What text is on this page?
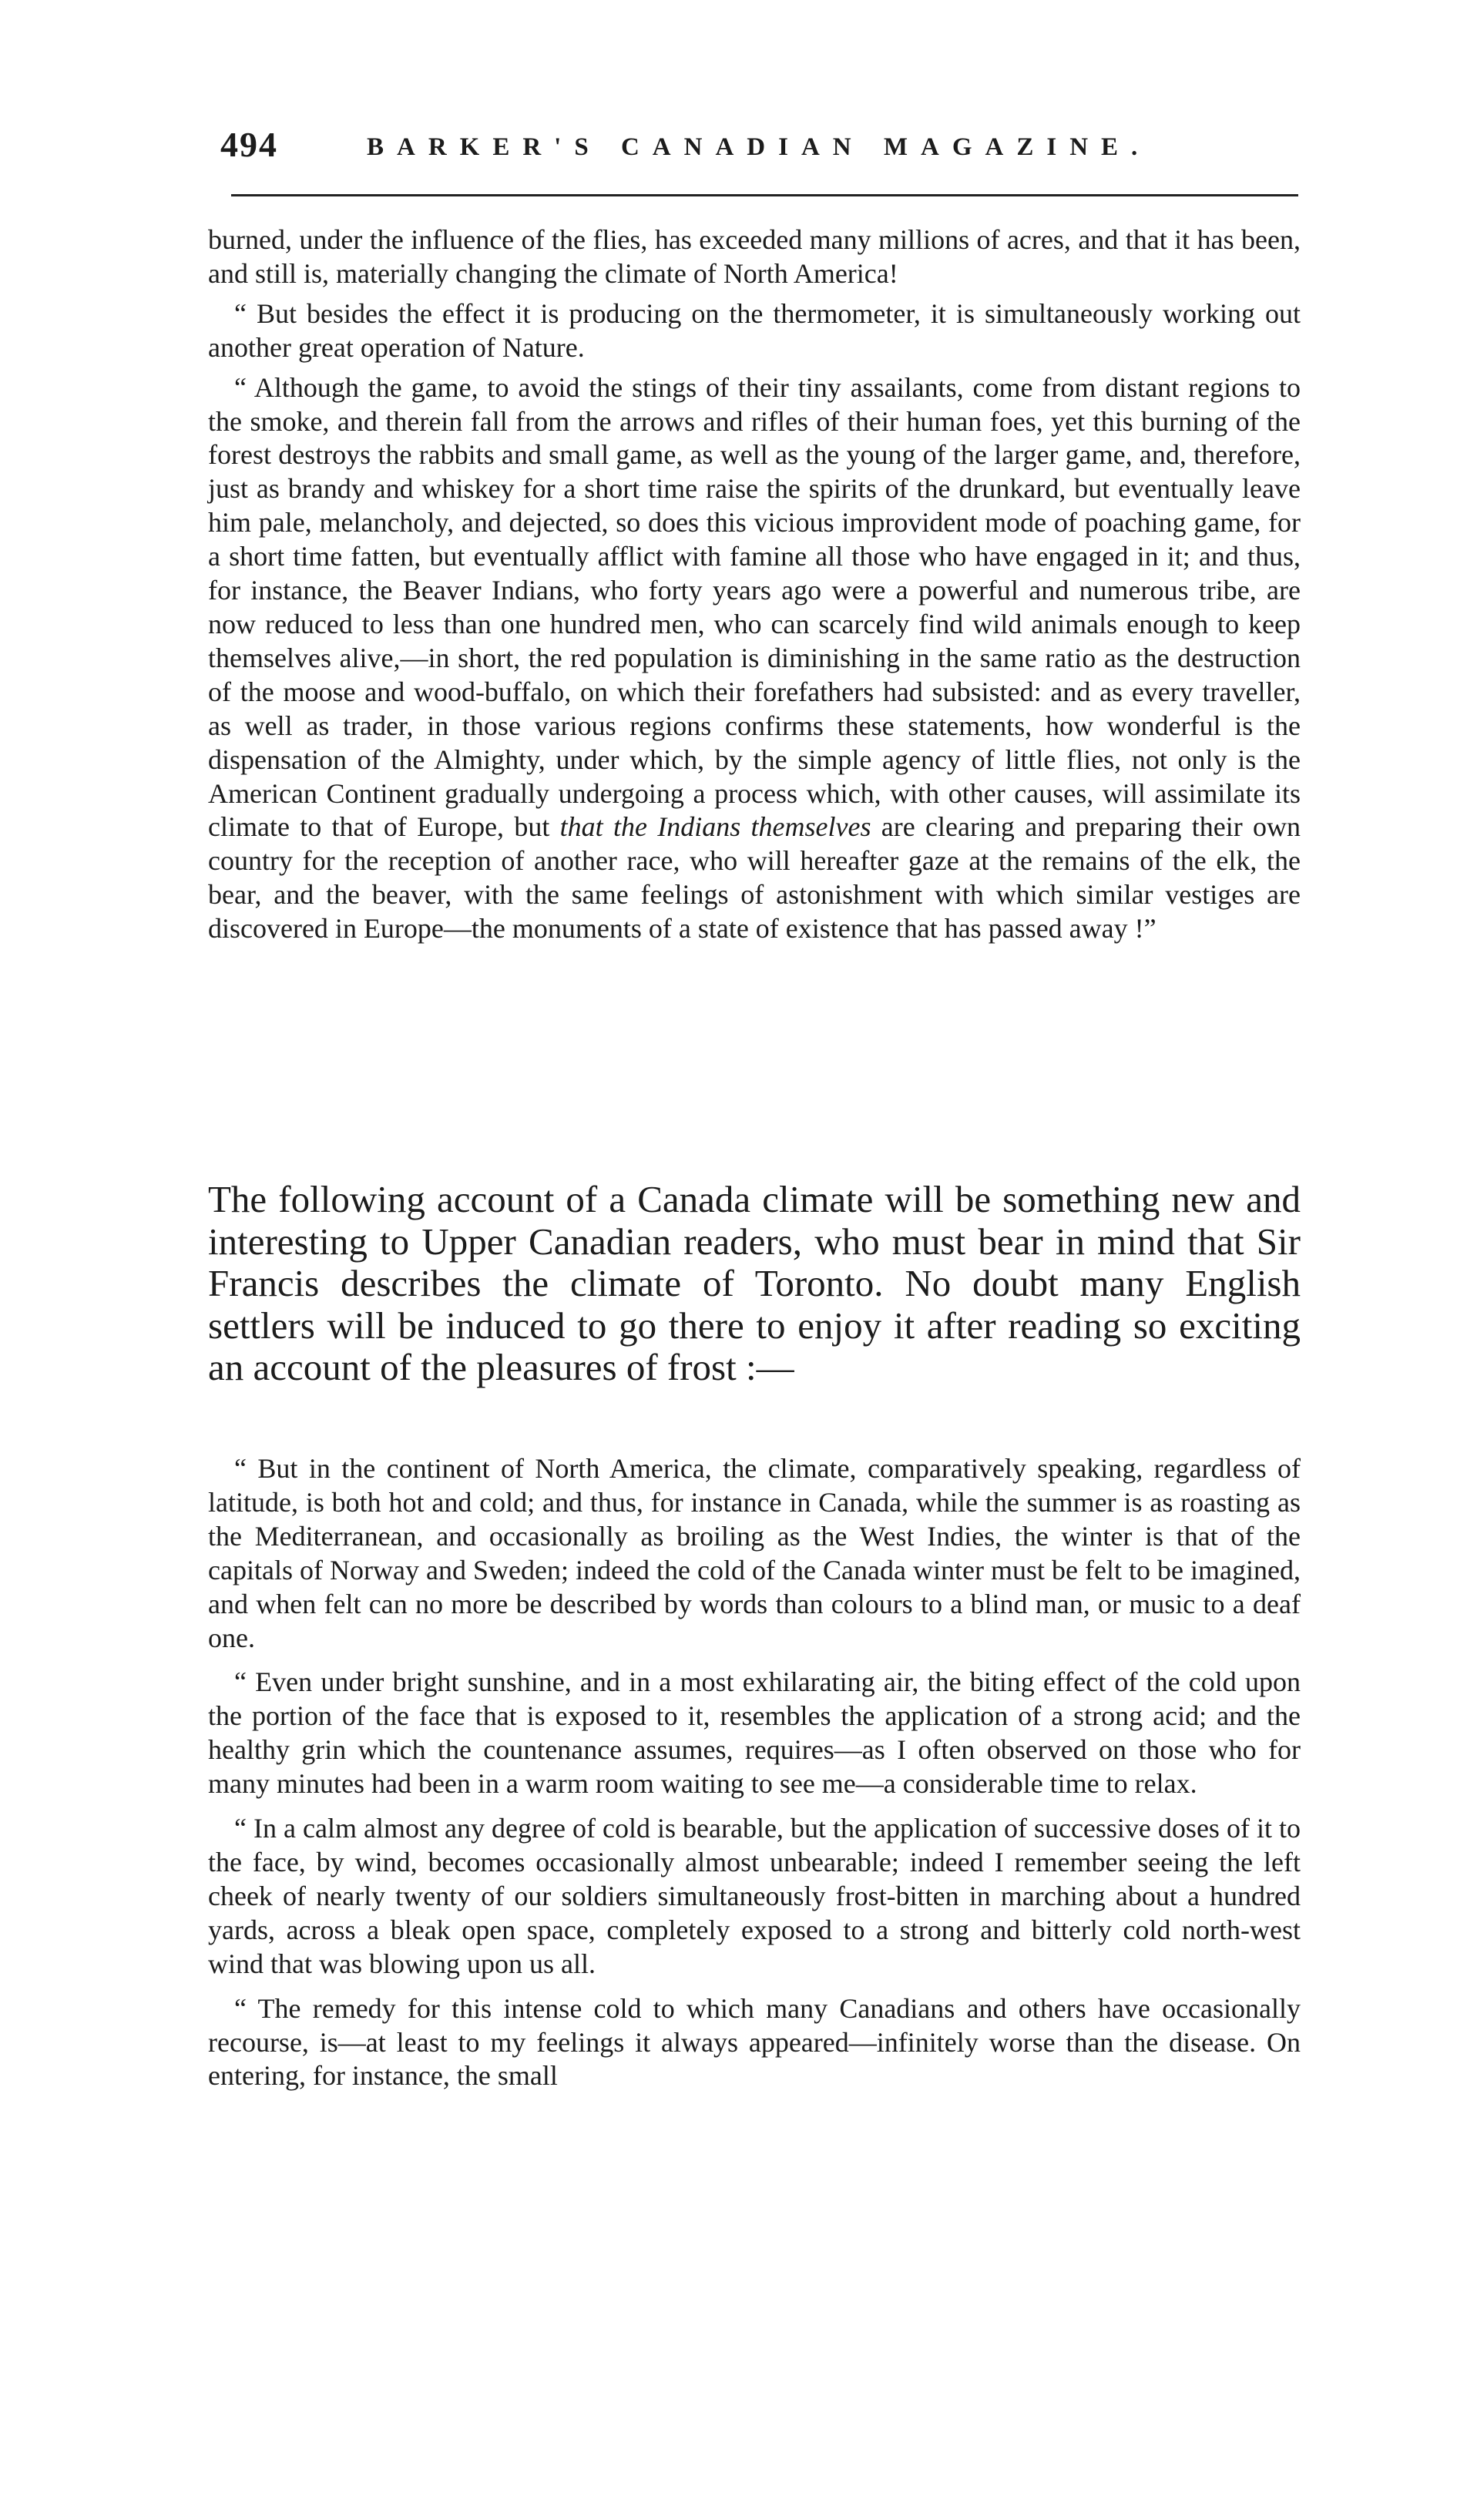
494	BARKER'S CANADIAN MAGAZINE.

burned, under the influence of the flies, has exceeded many millions of acres, and that it has been, and still is, materially changing the climate of North America!

“ But besides the effect it is producing on the thermometer, it is simultaneously working out another great operation of Nature.

“ Although the game, to avoid the stings of their tiny assailants, come from distant regions to the smoke, and therein fall from the arrows and rifles of their human foes, yet this burning of the forest destroys the rabbits and small game, as well as the young of the larger game, and, therefore, just as brandy and whiskey for a short time raise the spirits of the drunkard, but eventually leave him pale, melancholy, and dejected, so does this vicious improvident mode of poaching game, for a short time fatten, but eventually afflict with famine all those who have engaged in it; and thus, for instance, the Beaver Indians, who forty years ago were a powerful and numerous tribe, are now reduced to less than one hundred men, who can scarcely find wild animals enough to keep themselves alive,—in short, the red population is diminishing in the same ratio as the destruction of the moose and wood-buffalo, on which their forefathers had subsisted: and as every traveller, as well as trader, in those various regions confirms these statements, how wonderful is the dispensation of the Almighty, under which, by the simple agency of little flies, not only is the American Continent gradually undergoing a process which, with other causes, will assimilate its climate to that of Europe, but that the Indians themselves are clearing and preparing their own country for the reception of another race, who will hereafter gaze at the remains of the elk, the bear, and the beaver, with the same feelings of astonishment with which similar vestiges are discovered in Europe—the monuments of a state of existence that has passed away !”

The following account of a Canada climate will be something new and interesting to Upper Canadian readers, who must bear in mind that Sir Francis describes the climate of Toronto. No doubt many English settlers will be induced to go there to enjoy it after reading so exciting an account of the pleasures of frost :—

“ But in the continent of North America, the climate, comparatively speaking, regardless of latitude, is both hot and cold; and thus, for instance in Canada, while the summer is as roasting as the Mediterranean, and occasionally as broiling as the West Indies, the winter is that of the capitals of Norway and Sweden; indeed the cold of the Canada winter must be felt to be imagined, and when felt can no more be described by words than colours to a blind man, or music to a deaf one.

“ Even under bright sunshine, and in a most exhilarating air, the biting effect of the cold upon the portion of the face that is exposed to it, resembles the application of a strong acid; and the healthy grin which the countenance assumes, requires—as I often observed on those who for many minutes had been in a warm room waiting to see me—a considerable time to relax.

“ In a calm almost any degree of cold is bearable, but the application of successive doses of it to the face, by wind, becomes occasionally almost unbearable; indeed I remember seeing the left cheek of nearly twenty of our soldiers simultaneously frost-bitten in marching about a hundred yards, across a bleak open space, completely exposed to a strong and bitterly cold north-west wind that was blowing upon us all.

“ The remedy for this intense cold to which many Canadians and others have occasionally recourse, is—at least to my feelings it always appeared—infinitely worse than the disease. On entering, for instance, the small
